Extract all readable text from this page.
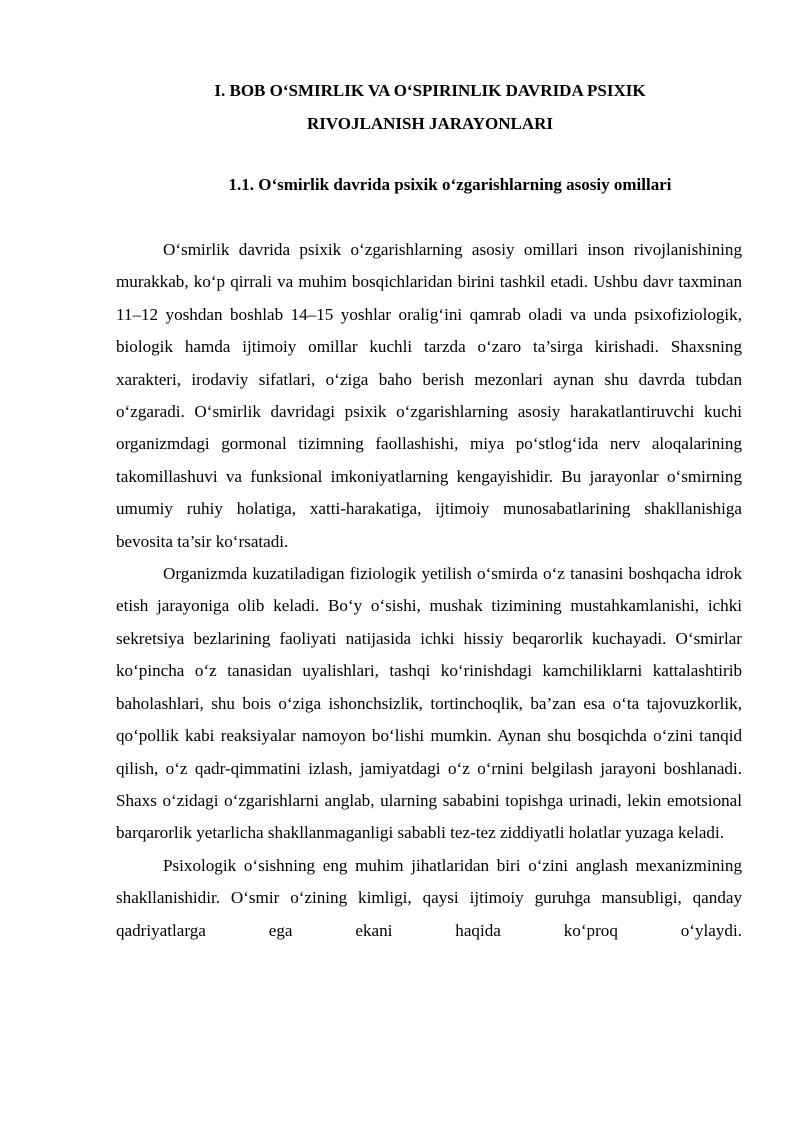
I. BOB O‘SMIRLIK VA O‘SPIRINLIK DAVRIDA PSIXIK
RIVOJLANISH JARAYONLARI
1.1. O‘smirlik davrida psixik o‘zgarishlarning asosiy omillari

O‘smirlik davrida psixik o‘zgarishlarning asosiy omillari inson rivojlanishining murakkab, ko‘p qirrali va muhim bosqichlaridan birini tashkil etadi. Ushbu davr taxminan 11–12 yoshdan boshlab 14–15 yoshlar oralig‘ini qamrab oladi va unda psixofiziologik, biologik hamda ijtimoiy omillar kuchli tarzda o‘zaro ta’sirga kirishadi. Shaxsning xarakteri, irodaviy sifatlari, o‘ziga baho berish mezonlari aynan shu davrda tubdan o‘zgaradi. O‘smirlik davridagi psixik o‘zgarishlarning asosiy harakatlantiruvchi kuchi organizmdagi gormonal tizimning faollashishi, miya po‘stlog‘ida nerv aloqalarining takomillashuvi va funksional imkoniyatlarning kengayishidir. Bu jarayonlar o‘smirning umumiy ruhiy holatiga, xatti-harakatiga, ijtimoiy munosabatlarining shakllanishiga bevosita ta’sir ko‘rsatadi.

Organizmda kuzatiladigan fiziologik yetilish o‘smirda o‘z tanasini boshqacha idrok etish jarayoniga olib keladi. Bo‘y o‘sishi, mushak tizimining mustahkamlanishi, ichki sekretsiya bezlarining faoliyati natijasida ichki hissiy beqarorlik kuchayadi. O‘smirlar ko‘pincha o‘z tanasidan uyalishlari, tashqi ko‘rinishdagi kamchiliklarni kattalashtirib baholashlari, shu bois o‘ziga ishonchsizlik, tortinchoqlik, ba’zan esa o‘ta tajovuzkorlik, qo‘pollik kabi reaksiyalar namoyon bo‘lishi mumkin. Aynan shu bosqichda o‘zini tanqid qilish, o‘z qadr-qimmatini izlash, jamiyatdagi o‘z o‘rnini belgilash jarayoni boshlanadi. Shaxs o‘zidagi o‘zgarishlarni anglab, ularning sababini topishga urinadi, lekin emotsional barqarorlik yetarlicha shakllanmaganligi sababli tez-tez ziddiyatli holatlar yuzaga keladi.

Psixologik o‘sishning eng muhim jihatlaridan biri o‘zini anglash mexanizmining shakllanishidir. O‘smir o‘zining kimligi, qaysi ijtimoiy guruhga mansubligi, qanday qadriyatlarga ega ekani haqida ko‘proq o‘ylaydi.
